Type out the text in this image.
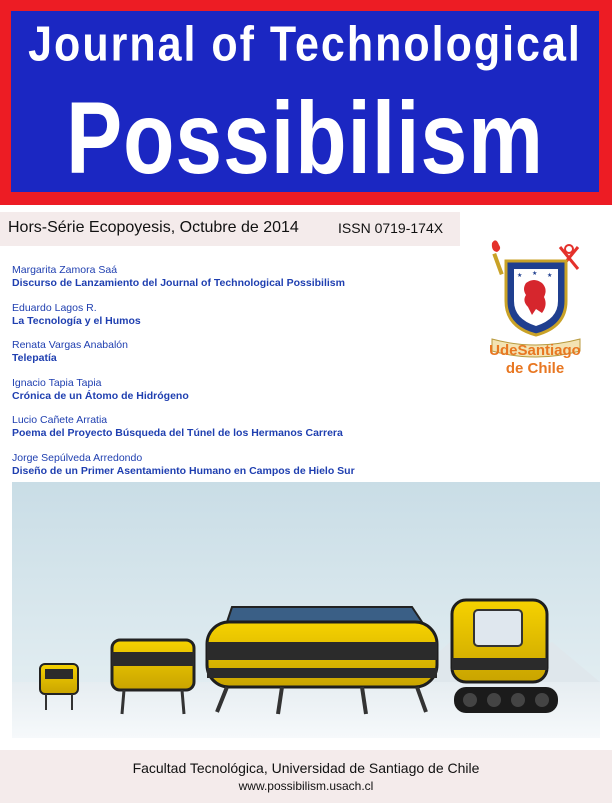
Journal of Technological
Possibilism
Hors-Série Ecopoyesis, Octubre de 2014	ISSN 0719-174X
Margarita Zamora Saá
Discurso de Lanzamiento del Journal of Technological Possibilism
Eduardo Lagos R.
La Tecnología y el Humos
Renata Vargas Anabalón
Telepatía
Ignacio Tapia Tapia
Crónica de un Átomo de Hidrógeno
Lucio Cañete Arratia
Poema del Proyecto Búsqueda del Túnel de los Hermanos Carrera
Jorge Sepúlveda Arredondo
Diseño de un Primer Asentamiento Humano en Campos de Hielo Sur
★ ★ ★
UdeSantiago
de Chile
Facultad Tecnológica, Universidad de Santiago de Chile
www.possibilism.usach.cl
